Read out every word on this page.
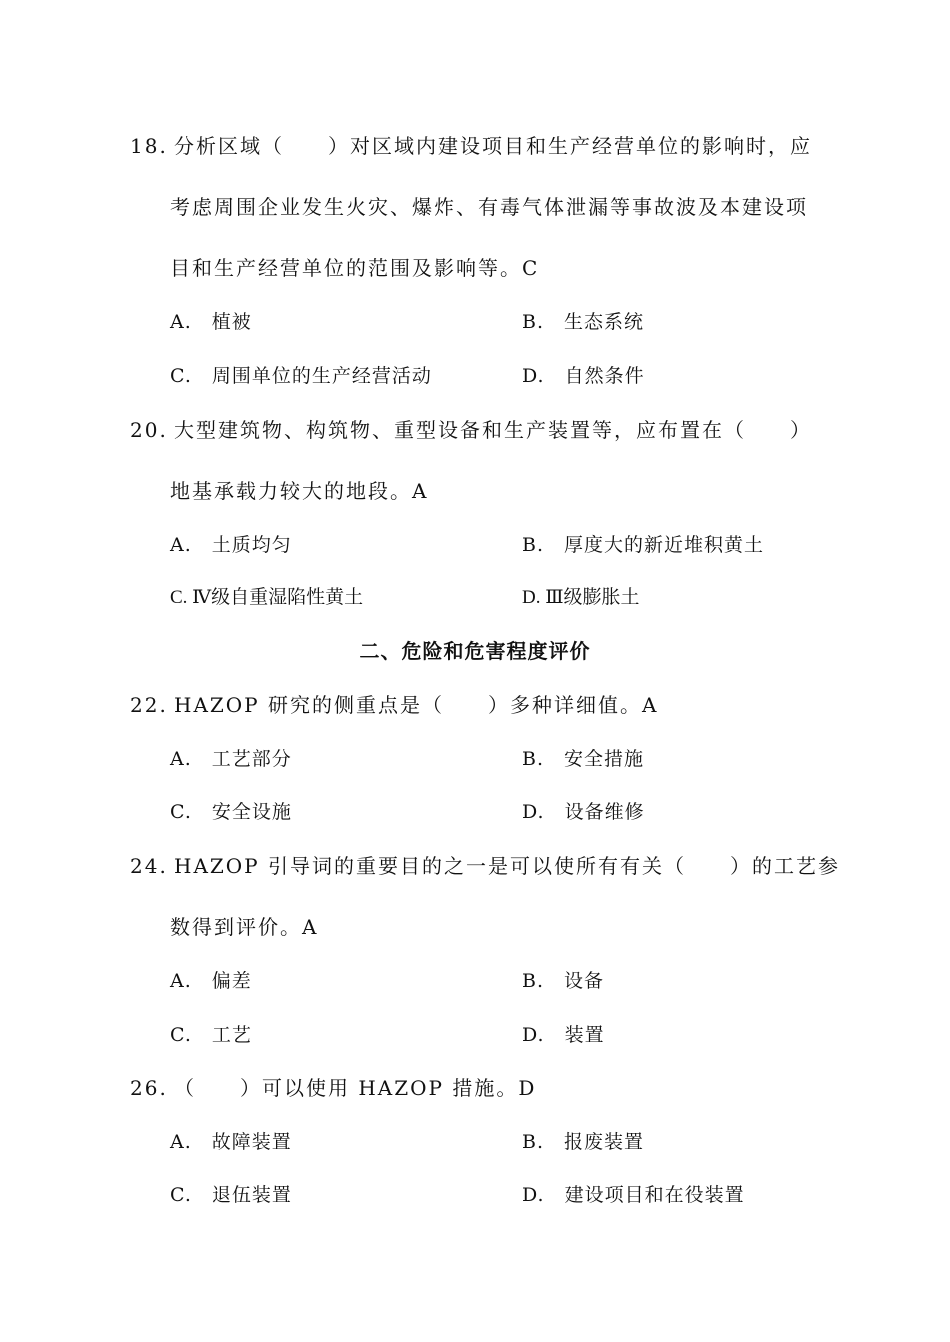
18. 分析区域（　　）对区域内建设项目和生产经营单位的影响时，应
考虑周围企业发生火灾、爆炸、有毒气体泄漏等事故波及本建设项
目和生产经营单位的范围及影响等。C
A.　植被	B.　生态系统
C.　周围单位的生产经营活动	D.　自然条件
20. 大型建筑物、构筑物、重型设备和生产装置等，应布置在（　　）
地基承载力较大的地段。A
A.　土质均匀	B.　厚度大的新近堆积黄土
C. Ⅳ级自重湿陷性黄土	D. Ⅲ级膨胀土
二、危险和危害程度评价
22. HAZOP 研究的侧重点是（　　）多种详细值。A
A.　工艺部分	B.　安全措施
C.　安全设施	D.　设备维修
24. HAZOP 引导词的重要目的之一是可以使所有有关（　　）的工艺参
数得到评价。A
A.　偏差	B.　设备
C.　工艺	D.　装置
26. （　　）可以使用 HAZOP 措施。D
A.　故障装置	B.　报废装置
C.　退伍装置	D.　建设项目和在役装置
